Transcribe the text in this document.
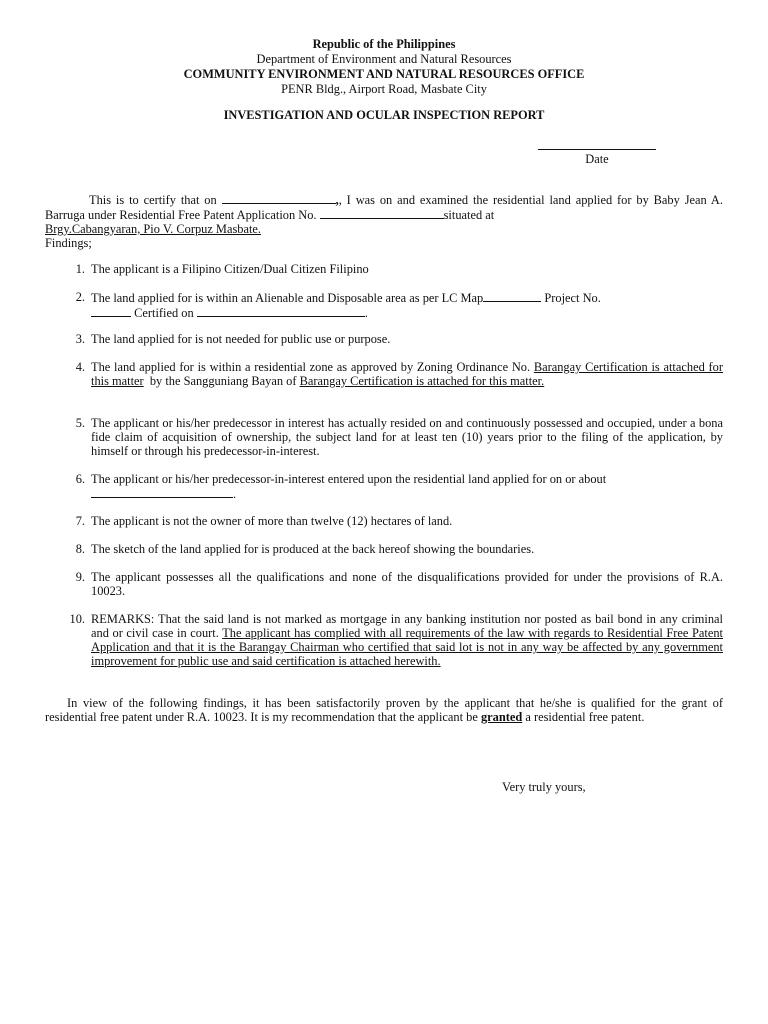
Republic of the Philippines
Department of Environment and Natural Resources
COMMUNITY ENVIRONMENT AND NATURAL RESOURCES OFFICE
PENR Bldg., Airport Road, Masbate City
INVESTIGATION AND OCULAR INSPECTION REPORT
Date
This is to certify that on	,, I was on and examined the residential land applied for by Baby Jean A. Barruga under Residential Free Patent Application No.	situated at
Brgy.Cabangyaran, Pio V. Corpuz Masbate.
Findings;
1. The applicant is a Filipino Citizen/Dual Citizen Filipino
2. The land applied for is within an Alienable and Disposable area as per LC Map	Project No.
Certified on	.
3. The land applied for is not needed for public use or purpose.
4. The land applied for is within a residential zone as approved by Zoning Ordinance No. Barangay Certification is attached for this matter by the Sangguniang Bayan of Barangay Certification is attached for this matter.
5. The applicant or his/her predecessor in interest has actually resided on and continuously possessed and occupied, under a bona fide claim of acquisition of ownership, the subject land for at least ten (10) years prior to the filing of the application, by himself or through his predecessor-in-interest.
6. The applicant or his/her predecessor-in-interest entered upon the residential land applied for on or about
.
7. The applicant is not the owner of more than twelve (12) hectares of land.
8. The sketch of the land applied for is produced at the back hereof showing the boundaries.
9. The applicant possesses all the qualifications and none of the disqualifications provided for under the provisions of R.A. 10023.
10. REMARKS: That the said land is not marked as mortgage in any banking institution nor posted as bail bond in any criminal and or civil case in court. The applicant has complied with all requirements of the law with regards to Residential Free Patent Application and that it is the Barangay Chairman who certified that said lot is not in any way be affected by any government improvement for public use and said certification is attached herewith.
In view of the following findings, it has been satisfactorily proven by the applicant that he/she is qualified for the grant of residential free patent under R.A. 10023. It is my recommendation that the applicant be granted a residential free patent.
Very truly yours,
